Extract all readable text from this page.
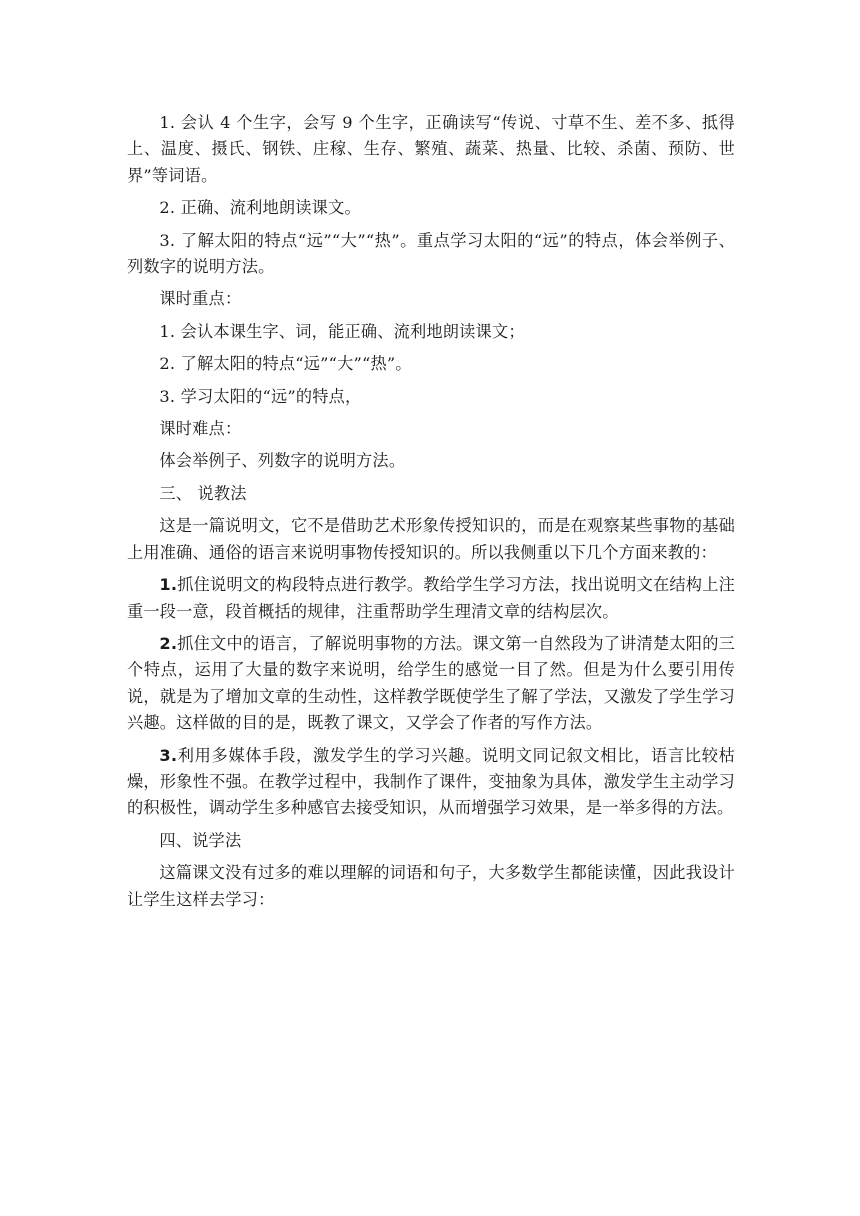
1. 会认 4 个生字，会写 9 个生字，正确读写“传说、寸草不生、差不多、抵得上、温度、摄氏、钢铁、庄稼、生存、繁殖、蔬菜、热量、比较、杀菌、预防、世界”等词语。

2. 正确、流利地朗读课文。

3. 了解太阳的特点“远”“大”“热”。重点学习太阳的“远”的特点，体会举例子、列数字的说明方法。

课时重点：

1. 会认本课生字、词，能正确、流利地朗读课文；

2. 了解太阳的特点“远”“大”“热”。

3. 学习太阳的“远”的特点，

课时难点：

体会举例子、列数字的说明方法。

三、 说教法

这是一篇说明文，它不是借助艺术形象传授知识的，而是在观察某些事物的基础上用准确、通俗的语言来说明事物传授知识的。所以我侧重以下几个方面来教的：

1.抓住说明文的构段特点进行教学。教给学生学习方法，找出说明文在结构上注重一段一意，段首概括的规律，注重帮助学生理清文章的结构层次。

2.抓住文中的语言，了解说明事物的方法。课文第一自然段为了讲清楚太阳的三个特点，运用了大量的数字来说明，给学生的感觉一目了然。但是为什么要引用传说，就是为了增加文章的生动性，这样教学既使学生了解了学法，又激发了学生学习兴趣。这样做的目的是，既教了课文，又学会了作者的写作方法。

3.利用多媒体手段，激发学生的学习兴趣。说明文同记叙文相比，语言比较枯燥，形象性不强。在教学过程中，我制作了课件，变抽象为具体，激发学生主动学习的积极性，调动学生多种感官去接受知识，从而增强学习效果，是一举多得的方法。

四、说学法

这篇课文没有过多的难以理解的词语和句子，大多数学生都能读懂，因此我设计让学生这样去学习：
